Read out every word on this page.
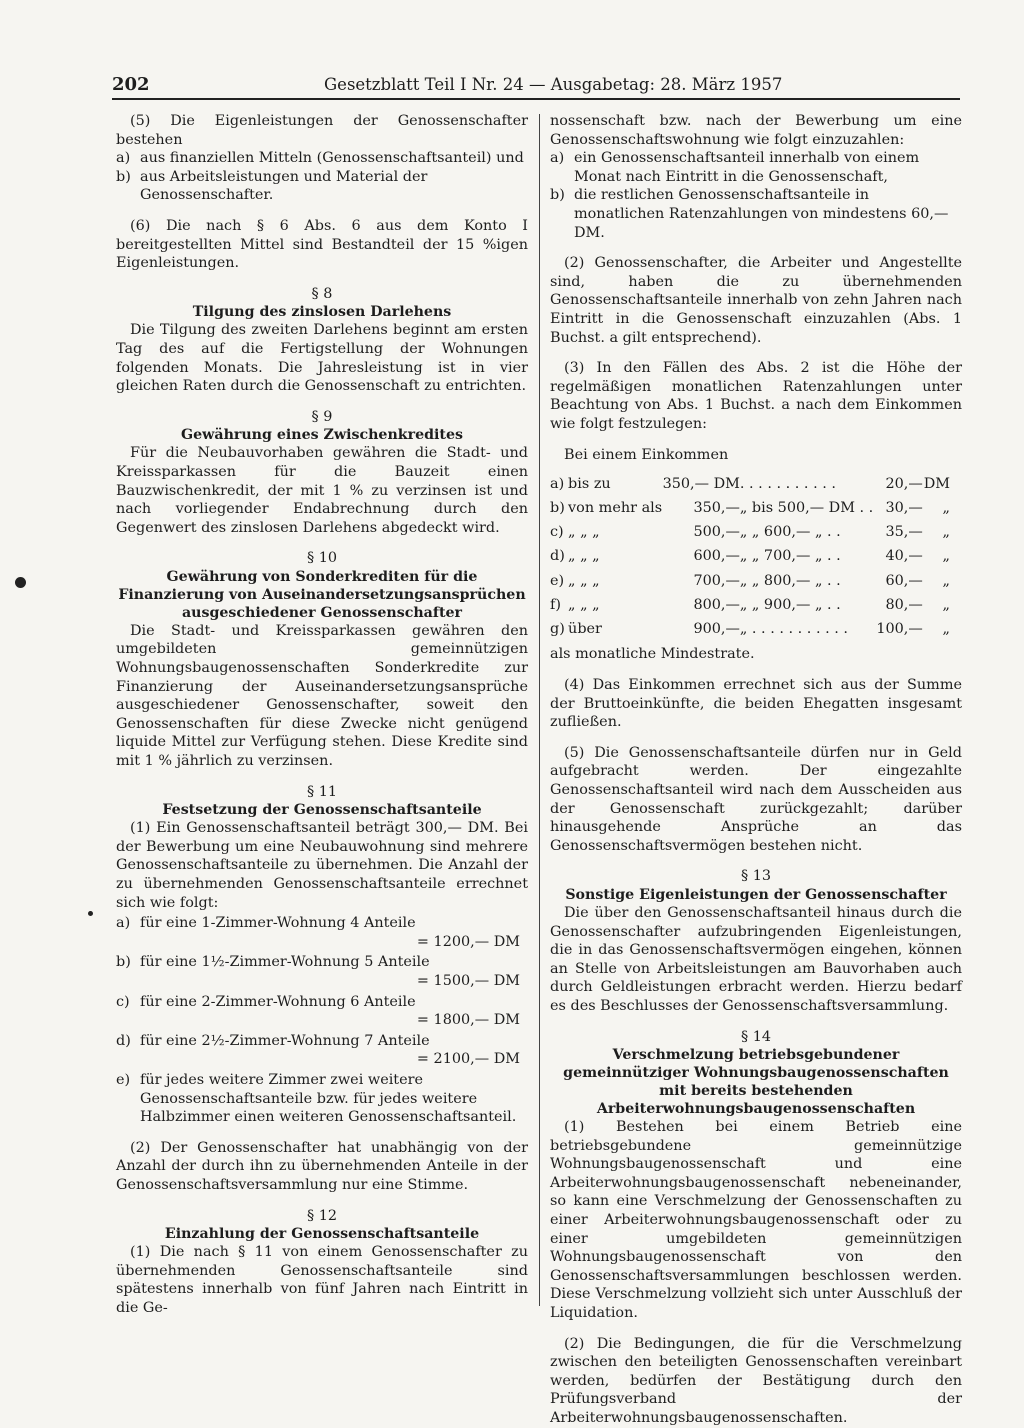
202	Gesetzblatt Teil I Nr. 24 — Ausgabetag: 28. März 1957

(5) Die Eigenleistungen der Genossenschafter bestehen

a) aus finanziellen Mitteln (Genossenschaftsanteil) und
b) aus Arbeitsleistungen und Material der Genossenschafter.

(6) Die nach § 6 Abs. 6 aus dem Konto I bereitgestellten Mittel sind Bestandteil der 15 %igen Eigenleistungen.

§ 8
Tilgung des zinslosen Darlehens

Die Tilgung des zweiten Darlehens beginnt am ersten Tag des auf die Fertigstellung der Wohnungen folgenden Monats. Die Jahresleistung ist in vier gleichen Raten durch die Genossenschaft zu entrichten.

§ 9
Gewährung eines Zwischenkredites

Für die Neubauvorhaben gewähren die Stadt- und Kreissparkassen für die Bauzeit einen Bauzwischenkredit, der mit 1 % zu verzinsen ist und nach vorliegender Endabrechnung durch den Gegenwert des zinslosen Darlehens abgedeckt wird.

§ 10
Gewährung von Sonderkrediten für die Finanzierung von Auseinandersetzungsansprüchen ausgeschiedener Genossenschafter

Die Stadt- und Kreissparkassen gewähren den umgebildeten gemeinnützigen Wohnungsbaugenossenschaften Sonderkredite zur Finanzierung der Auseinandersetzungsansprüche ausgeschiedener Genossenschafter, soweit den Genossenschaften für diese Zwecke nicht genügend liquide Mittel zur Verfügung stehen. Diese Kredite sind mit 1 % jährlich zu verzinsen.

§ 11
Festsetzung der Genossenschaftsanteile

(1) Ein Genossenschaftsanteil beträgt 300,— DM. Bei der Bewerbung um eine Neubauwohnung sind mehrere Genossenschaftsanteile zu übernehmen. Die Anzahl der zu übernehmenden Genossenschaftsanteile errechnet sich wie folgt:

a) für eine 1-Zimmer-Wohnung 4 Anteile
= 1200,— DM
b) für eine 1½-Zimmer-Wohnung 5 Anteile
= 1500,— DM
c) für eine 2-Zimmer-Wohnung 6 Anteile
= 1800,— DM
d) für eine 2½-Zimmer-Wohnung 7 Anteile
= 2100,— DM
e) für jedes weitere Zimmer zwei weitere Genossenschaftsanteile bzw. für jedes weitere Halbzimmer einen weiteren Genossenschaftsanteil.

(2) Der Genossenschafter hat unabhängig von der Anzahl der durch ihn zu übernehmenden Anteile in der Genossenschaftsversammlung nur eine Stimme.

§ 12
Einzahlung der Genossenschaftsanteile

(1) Die nach § 11 von einem Genossenschafter zu übernehmenden Genossenschaftsanteile sind spätestens innerhalb von fünf Jahren nach Eintritt in die Ge-

nossenschaft bzw. nach der Bewerbung um eine Genossenschaftswohnung wie folgt einzuzahlen:

a) ein Genossenschaftsanteil innerhalb von einem Monat nach Eintritt in die Genossenschaft,
b) die restlichen Genossenschaftsanteile in monatlichen Ratenzahlungen von mindestens 60,— DM.

(2) Genossenschafter, die Arbeiter und Angestellte sind, haben die zu übernehmenden Genossenschaftsanteile innerhalb von zehn Jahren nach Eintritt in die Genossenschaft einzuzahlen (Abs. 1 Buchst. a gilt entsprechend).

(3) In den Fällen des Abs. 2 ist die Höhe der regelmäßigen monatlichen Ratenzahlungen unter Beachtung von Abs. 1 Buchst. a nach dem Einkommen wie folgt festzulegen:

Bei einem Einkommen

a)	bis zu	350,— DM	. . . . . . . . . . .	20,—	DM
b)	von mehr als	350,—	„ bis 500,— DM . .	30,—	„
c)	„ „ „	500,—	„ „ 600,— „ . .	35,—	„
d)	„ „ „	600,—	„ „ 700,— „ . .	40,—	„
e)	„ „ „	700,—	„ „ 800,— „ . .	60,—	„
f)	„ „ „	800,—	„ „ 900,— „ . .	80,—	„
g)	über	900,—	„ . . . . . . . . . . .	100,—	„

als monatliche Mindestrate.

(4) Das Einkommen errechnet sich aus der Summe der Bruttoeinkünfte, die beiden Ehegatten insgesamt zufließen.

(5) Die Genossenschaftsanteile dürfen nur in Geld aufgebracht werden. Der eingezahlte Genossenschaftsanteil wird nach dem Ausscheiden aus der Genossenschaft zurückgezahlt; darüber hinausgehende Ansprüche an das Genossenschaftsvermögen bestehen nicht.

§ 13
Sonstige Eigenleistungen der Genossenschafter

Die über den Genossenschaftsanteil hinaus durch die Genossenschafter aufzubringenden Eigenleistungen, die in das Genossenschaftsvermögen eingehen, können an Stelle von Arbeitsleistungen am Bauvorhaben auch durch Geldleistungen erbracht werden. Hierzu bedarf es des Beschlusses der Genossenschaftsversammlung.

§ 14
Verschmelzung betriebsgebundener gemeinnütziger Wohnungsbaugenossenschaften mit bereits bestehenden Arbeiterwohnungsbaugenossenschaften

(1) Bestehen bei einem Betrieb eine betriebsgebundene gemeinnützige Wohnungsbaugenossenschaft und eine Arbeiterwohnungsbaugenossenschaft nebeneinander, so kann eine Verschmelzung der Genossenschaften zu einer Arbeiterwohnungsbaugenossenschaft oder zu einer umgebildeten gemeinnützigen Wohnungsbaugenossenschaft von den Genossenschaftsversammlungen beschlossen werden. Diese Verschmelzung vollzieht sich unter Ausschluß der Liquidation.

(2) Die Bedingungen, die für die Verschmelzung zwischen den beteiligten Genossenschaften vereinbart werden, bedürfen der Bestätigung durch den Prüfungsverband der Arbeiterwohnungsbaugenossenschaften.
